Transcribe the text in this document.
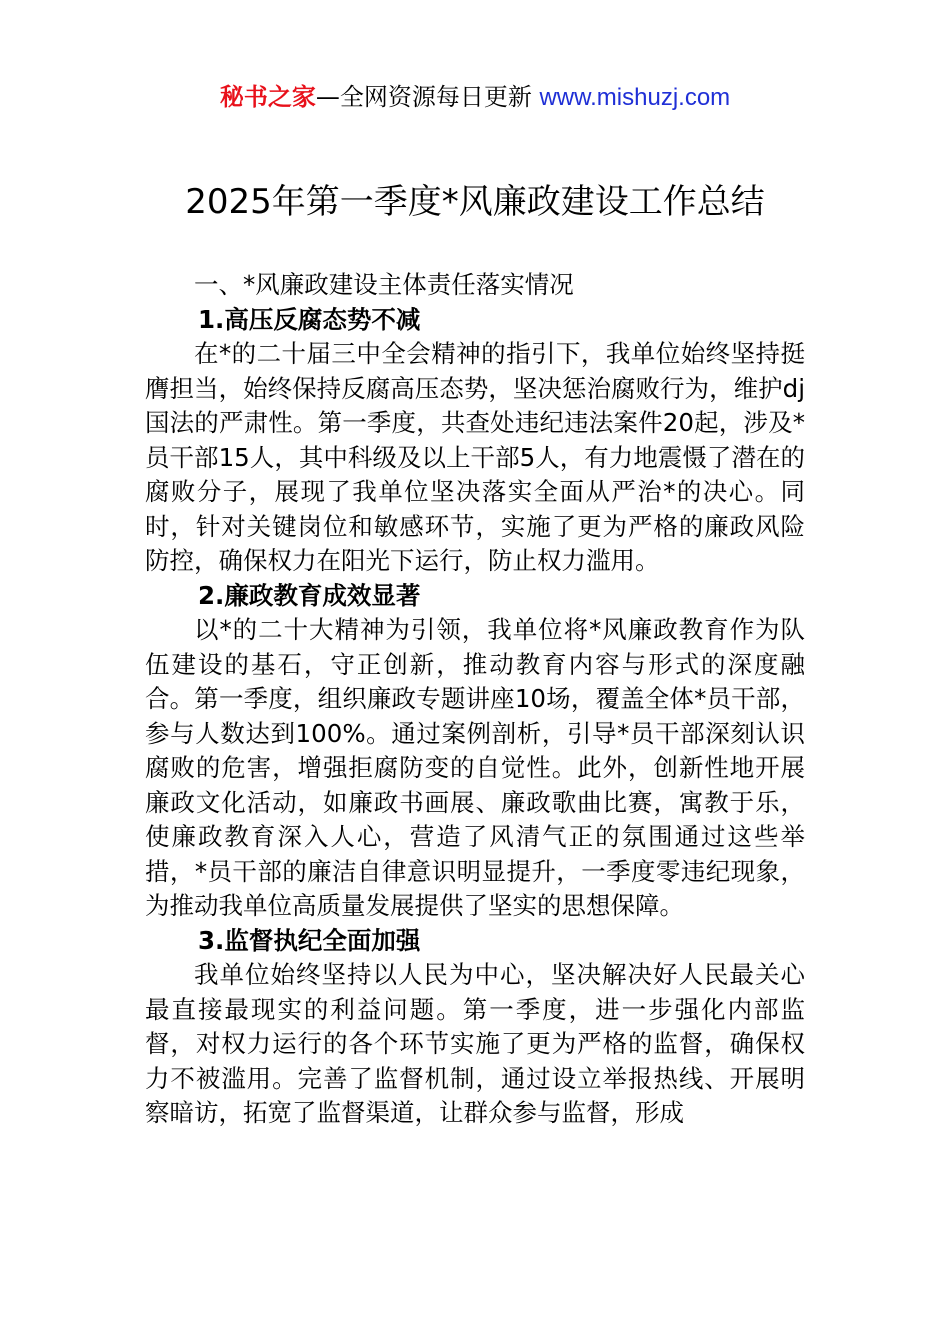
秘书之家—全网资源每日更新 www.mishuzj.com
2025年第一季度*风廉政建设工作总结

一、*风廉政建设主体责任落实情况

1.高压反腐态势不减

在*的二十届三中全会精神的指引下，我单位始终坚持挺膺担当，始终保持反腐高压态势，坚决惩治腐败行为，维护dj国法的严肃性。第一季度，共查处违纪违法案件20起，涉及*员干部15人，其中科级及以上干部5人，有力地震慑了潜在的腐败分子，展现了我单位坚决落实全面从严治*的决心。同时，针对关键岗位和敏感环节，实施了更为严格的廉政风险防控，确保权力在阳光下运行，防止权力滥用。

2.廉政教育成效显著

以*的二十大精神为引领，我单位将*风廉政教育作为队伍建设的基石，守正创新，推动教育内容与形式的深度融合。第一季度，组织廉政专题讲座10场，覆盖全体*员干部，参与人数达到100%。通过案例剖析，引导*员干部深刻认识腐败的危害，增强拒腐防变的自觉性。此外，创新性地开展廉政文化活动，如廉政书画展、廉政歌曲比赛，寓教于乐，使廉政教育深入人心，营造了风清气正的氛围通过这些举措，*员干部的廉洁自律意识明显提升，一季度零违纪现象，为推动我单位高质量发展提供了坚实的思想保障。

3.监督执纪全面加强

我单位始终坚持以人民为中心，坚决解决好人民最关心最直接最现实的利益问题。第一季度，进一步强化内部监督，对权力运行的各个环节实施了更为严格的监督，确保权力不被滥用。完善了监督机制，通过设立举报热线、开展明察暗访，拓宽了监督渠道，让群众参与监督，形成
